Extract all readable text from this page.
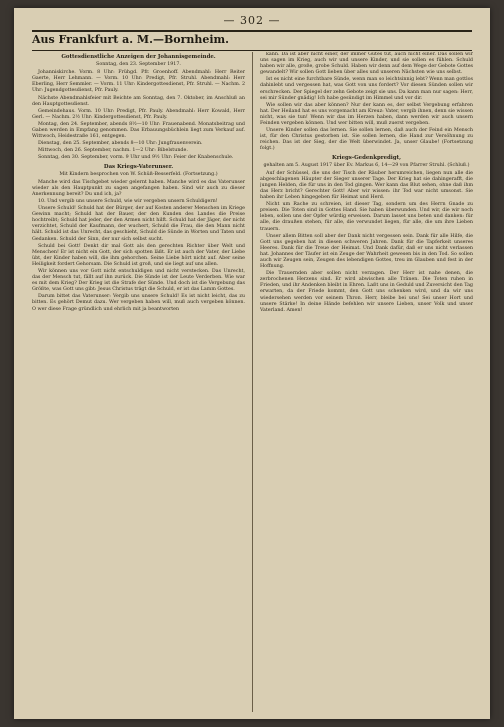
— 302 —
Aus Frankfurt a. M.—Bornheim.

Gottesdienstliche Anzeigen der Johannisgemeinde.

Sonntag, den 23. September 1917.

Johanniskirche. Vorm. 8 Uhr: Frühgd. Pfr. Groenhoff. Abendmahl: Herr Reiter Gaerte, Herr Lehmann. — Vorm. 10 Uhr: Predigt, Pfr. Struhl. Abendmahl: Herr Eberling, Herr Semmler. — Vorm. 11 Uhr: Kindergottesdienst, Pfr. Struhl. — Nachm. 2 Uhr: Jugendgottesdienst, Pfr. Pauly.

Nächste Abendmahlsfeier mit Beichte am Sonntag, den 7. Oktober, im Anschluß an den Hauptgottesdienst.

Gemeindehaus. Vorm. 10 Uhr: Predigt, Pfr. Pauly. Abendmahl: Herr Kowald, Herr Gerl. — Nachm. 2½ Uhr: Kindergottesdienst, Pfr. Pauly.

Montag, den 24. September, abends 8½—10 Uhr: Frauenabend. Monatsbeitrag und Gaben werden in Empfang genommen. Das Erbauungsbüchlein liegt zum Verkauf auf. Wittwoch, Heidestraße 161, entgegen.

Dienstag, den 25. September, abends 8—10 Uhr: Jungfrauenverein.

Mittwoch, den 26. September, nachm. 1—2 Uhr: Bibelstunde.

Sonntag, den 30. September, vorm. 9 Uhr und 9½ Uhr: Feier der Knabenschule.

Das Kriegs-Vaterunser.

Mit Kindern besprochen von W. Schüß-Besserfeld. (Fortsetzung.)

Manche wird das Tischgebet wieder gelernt haben. Manche wird es das Vaterunser wieder als den Hauptpunkt zu sagen angefangen haben. Sind wir auch zu dieser Anerkennung bereit? Du und ich, ja?

10. Und vergib uns unsere Schuld, wie wir vergeben unsern Schuldigern!

Unsere Schuld! Schuld hat der Bürger, der auf Kosten anderer Menschen im Kriege Gewinn macht; Schuld hat der Bauer, der den Kunden des Landes die Preise hochtreibt; Schuld hat jeder, der den Armen nicht hilft. Schuld hat der Jäger, der nicht verzichtet, Schuld der Kaufmann, der wuchert, Schuld die Frau, die den Mann nicht hält. Schuld ist das Unrecht, das geschieht, Schuld die Sünde in Worten und Taten und Gedanken. Schuld der Sinn, der nur sich selbst sucht.

Schuld bei Gott! Denkt dir mal Gott als den gerechten Richter über Welt und Menschen! Er ist nicht ein Gott, der sich spotten läßt. Er ist auch der Vater, der Liebe übt, der Kinder haben will, die ihm gehorchen. Seine Liebe hört nicht auf. Aber seine Heiligkeit fordert Gehorsam. Die Schuld ist groß, und sie liegt auf uns allen.

Wir können uns vor Gott nicht entschuldigen und nicht verstecken. Das Unrecht, das der Mensch tut, fällt auf ihn zurück. Die Sünde ist der Leute Verderben. Wie war es mit dem Krieg? Der Krieg ist die Strafe der Sünde. Und doch ist die Vergebung das Größte, was Gott uns gibt: Jesus Christus trägt die Schuld, er ist das Lamm Gottes.

Darum bittet das Vaterunser: Vergib uns unsere Schuld! Es ist nicht leicht, das zu bitten. Es gehört Demut dazu. Wer vergeben haben will, muß auch vergeben können. O wer diese Frage gründlich und ehrlich mit ja beantworten

kann. Da ist aber nicht einer, der immer Gutes tut, auch nicht einer. Das sollen wir uns sagen im Krieg, auch wir und unsere Kinder, und sie sollen es fühlen. Schuld haben wir alle, große, grobe Schuld. Haben wir denn auf dem Wege der Gebote Gottes gewandelt? Wir sollen Gott lieben über alles und unseren Nächsten wie uns selbst.

Ist es nicht eine furchtbare Sünde, wenn man so leichtsinnig lebt? Wenn man gottlos dahinlebt und vergessen hat, was Gott von uns fordert? Vor diesen Sünden sollen wir erschrecken. Der Spiegel der zehn Gebote zeigt sie uns. Da kann man nur sagen: Herr, sei mir Sünder gnädig! Ich habe gesündigt im Himmel und vor dir.

Wie sollen wir das aber können? Nur der kann es, der selbst Vergebung erfahren hat. Der Heiland hat es uns vorgemacht am Kreuz: Vater, vergib ihnen, denn sie wissen nicht, was sie tun! Wenn wir das im Herzen haben, dann werden wir auch unsern Feinden vergeben können. Und wer bitten will, muß zuerst vergeben.

Unsere Kinder sollen das lernen. Sie sollen lernen, daß auch der Feind ein Mensch ist, für den Christus gestorben ist. Sie sollen lernen, die Hand zur Versöhnung zu reichen. Das ist der Sieg, der die Welt überwindet. Ja, unser Glaube! (Fortsetzung folgt.)

Kriegs-Gedenkpredigt,

gehalten am 5. August 1917 über Ev. Markus 6, 14—29 von Pfarrer Struhl. (Schluß.)

Auf der Schüssel, die uns der Tisch der Räuber herumreichen, liegen nun alle die abgeschlagenen Häupter der Sieger unserer Tage. Der Krieg hat sie dahingerafft, die jungen Helden, die für uns in den Tod gingen. Wer kann das Blut sehen, ohne daß ihm das Herz bricht? Gerechter Gott! Aber wir wissen: ihr Tod war nicht umsonst. Sie haben ihr Leben hingegeben für Heimat und Herd.

Nicht um Rache zu schreien, ist dieser Tag, sondern um des Herrn Gnade zu preisen. Die Toten sind in Gottes Hand. Sie haben überwunden. Und wir, die wir noch leben, sollen uns der Opfer würdig erweisen. Darum lasset uns beten und danken: für alle, die draußen stehen, für alle, die verwundet liegen, für alle, die um ihre Lieben trauern.

Unser allem Bitten soll aber der Dank nicht vergessen sein. Dank für alle Hilfe, die Gott uns gegeben hat in diesen schweren Jahren. Dank für die Tapferkeit unseres Heeres. Dank für die Treue der Heimat. Und Dank dafür, daß er uns nicht verlassen hat. Johannes der Täufer ist ein Zeuge der Wahrheit gewesen bis in den Tod. So sollen auch wir Zeugen sein, Zeugen des lebendigen Gottes, treu im Glauben und fest in der Hoffnung.

Die Trauernden aber sollen nicht verzagen. Der Herr ist nahe denen, die zerbrochenen Herzens sind. Er wird abwischen alle Tränen. Die Toten ruhen in Frieden, und ihr Andenken bleibt in Ehren. Laßt uns in Geduld und Zuversicht den Tag erwarten, da der Friede kommt, den Gott uns schenken wird, und da wir uns wiedersehen werden vor seinem Thron. Herr, bleibe bei uns! Sei unser Hort und unsere Stärke! In deine Hände befehlen wir unsere Lieben, unser Volk und unser Vaterland. Amen!
